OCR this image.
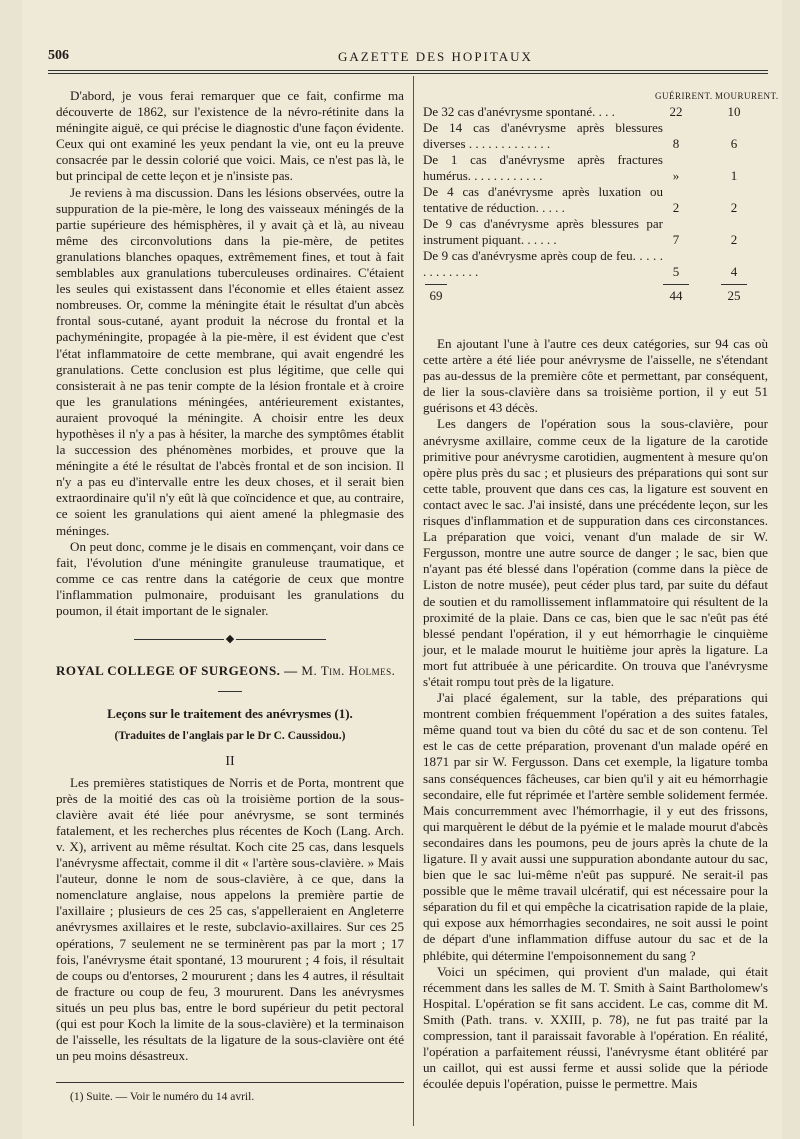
506	GAZETTE DES HOPITAUX

D'abord, je vous ferai remarquer que ce fait, confirme ma découverte de 1862, sur l'existence de la névro-rétinite dans la méningite aiguë, ce qui précise le diagnostic d'une façon évidente. Ceux qui ont examiné les yeux pendant la vie, ont eu la preuve consacrée par le dessin colorié que voici. Mais, ce n'est pas là, le but principal de cette leçon et je n'insiste pas.

Je reviens à ma discussion. Dans les lésions observées, outre la suppuration de la pie-mère, le long des vaisseaux méningés de la partie supérieure des hémisphères, il y avait çà et là, au niveau même des circonvolutions dans la pie-mère, de petites granulations blanches opaques, extrêmement fines, et tout à fait semblables aux granulations tuberculeuses ordinaires. C'étaient les seules qui existassent dans l'économie et elles étaient assez nombreuses. Or, comme la méningite était le résultat d'un abcès frontal sous-cutané, ayant produit la nécrose du frontal et la pachyméningite, propagée à la pie-mère, il est évident que c'est l'état inflammatoire de cette membrane, qui avait engendré les granulations. Cette conclusion est plus légitime, que celle qui consisterait à ne pas tenir compte de la lésion frontale et à croire que les granulations méningées, antérieurement existantes, auraient provoqué la méningite. A choisir entre les deux hypothèses il n'y a pas à hésiter, la marche des symptômes établit la succession des phénomènes morbides, et prouve que la méningite a été le résultat de l'abcès frontal et de son incision. Il n'y a pas eu d'intervalle entre les deux choses, et il serait bien extraordinaire qu'il n'y eût là que coïncidence et que, au contraire, ce soient les granulations qui aient amené la phlegmasie des méninges.

On peut donc, comme je le disais en commençant, voir dans ce fait, l'évolution d'une méningite granuleuse traumatique, et comme ce cas rentre dans la catégorie de ceux que montre l'inflammation pulmonaire, produisant les granulations du poumon, il était important de le signaler.

◆
ROYAL COLLEGE OF SURGEONS. — M. Tim. Holmes.
Leçons sur le traitement des anévrysmes (1).
(Traduites de l'anglais par le Dr C. Caussidou.)
II

Les premières statistiques de Norris et de Porta, montrent que près de la moitié des cas où la troisième portion de la sous-clavière avait été liée pour anévrysme, se sont terminés fatalement, et les recherches plus récentes de Koch (Lang. Arch. v. X), arrivent au même résultat. Koch cite 25 cas, dans lesquels l'anévrysme affectait, comme il dit « l'artère sous-clavière. » Mais l'auteur, donne le nom de sous-clavière, à ce que, dans la nomenclature anglaise, nous appelons la première partie de l'axillaire ; plusieurs de ces 25 cas, s'appelleraient en Angleterre anévrysmes axillaires et le reste, subclavio-axillaires. Sur ces 25 opérations, 7 seulement ne se terminèrent pas par la mort ; 17 fois, l'anévrysme était spontané, 13 moururent ; 4 fois, il résultait de coups ou d'entorses, 2 moururent ; dans les 4 autres, il résultait de fracture ou coup de feu, 3 moururent. Dans les anévrysmes situés un peu plus bas, entre le bord supérieur du petit pectoral (qui est pour Koch la limite de la sous-clavière) et la terminaison de l'aisselle, les résultats de la ligature de la sous-clavière ont été un peu moins désastreux.

(1) Suite. — Voir le numéro du 14 avril.

GUÉRIRENT. MOURURENT.
De 32 cas d'anévrysme spontané. . . .	22	10
De 14 cas d'anévrysme après blessures diverses . . . . . . . . . . . . .	8	6
De 1 cas d'anévrysme après fractures humérus. . . . . . . . . . . .	»	1
De 4 cas d'anévrysme après luxation ou tentative de réduction. . . . .	2	2
De 9 cas d'anévrysme après blessures par instrument piquant. . . . . .	7	2
De 9 cas d'anévrysme après coup de feu. . . . . . . . . . . . . .	5	4
69	44	25

En ajoutant l'une à l'autre ces deux catégories, sur 94 cas où cette artère a été liée pour anévrysme de l'aisselle, ne s'étendant pas au-dessus de la première côte et permettant, par conséquent, de lier la sous-clavière dans sa troisième portion, il y eut 51 guérisons et 43 décès.

Les dangers de l'opération sous la sous-clavière, pour anévrysme axillaire, comme ceux de la ligature de la carotide primitive pour anévrysme carotidien, augmentent à mesure qu'on opère plus près du sac ; et plusieurs des préparations qui sont sur cette table, prouvent que dans ces cas, la ligature est souvent en contact avec le sac. J'ai insisté, dans une précédente leçon, sur les risques d'inflammation et de suppuration dans ces circonstances. La préparation que voici, venant d'un malade de sir W. Fergusson, montre une autre source de danger ; le sac, bien que n'ayant pas été blessé dans l'opération (comme dans la pièce de Liston de notre musée), peut céder plus tard, par suite du défaut de soutien et du ramollissement inflammatoire qui résultent de la proximité de la plaie. Dans ce cas, bien que le sac n'eût pas été blessé pendant l'opération, il y eut hémorrhagie le cinquième jour, et le malade mourut le huitième jour après la ligature. La mort fut attribuée à une péricardite. On trouva que l'anévrysme s'était rompu tout près de la ligature.

J'ai placé également, sur la table, des préparations qui montrent combien fréquemment l'opération a des suites fatales, même quand tout va bien du côté du sac et de son contenu. Tel est le cas de cette préparation, provenant d'un malade opéré en 1871 par sir W. Fergusson. Dans cet exemple, la ligature tomba sans conséquences fâcheuses, car bien qu'il y ait eu hémorrhagie secondaire, elle fut réprimée et l'artère semble solidement fermée. Mais concurremment avec l'hémorrhagie, il y eut des frissons, qui marquèrent le début de la pyémie et le malade mourut d'abcès secondaires dans les poumons, peu de jours après la chute de la ligature. Il y avait aussi une suppuration abondante autour du sac, bien que le sac lui-même n'eût pas suppuré. Ne serait-il pas possible que le même travail ulcératif, qui est nécessaire pour la séparation du fil et qui empêche la cicatrisation rapide de la plaie, qui expose aux hémorrhagies secondaires, ne soit aussi le point de départ d'une inflammation diffuse autour du sac et de la phlébite, qui détermine l'empoisonnement du sang ?

Voici un spécimen, qui provient d'un malade, qui était récemment dans les salles de M. T. Smith à Saint Bartholomew's Hospital. L'opération se fit sans accident. Le cas, comme dit M. Smith (Path. trans. v. XXIII, p. 78), ne fut pas traité par la compression, tant il paraissait favorable à l'opération. En réalité, l'opération a parfaitement réussi, l'anévrysme étant oblitéré par un caillot, qui est aussi ferme et aussi solide que la période écoulée depuis l'opération, puisse le permettre. Mais
